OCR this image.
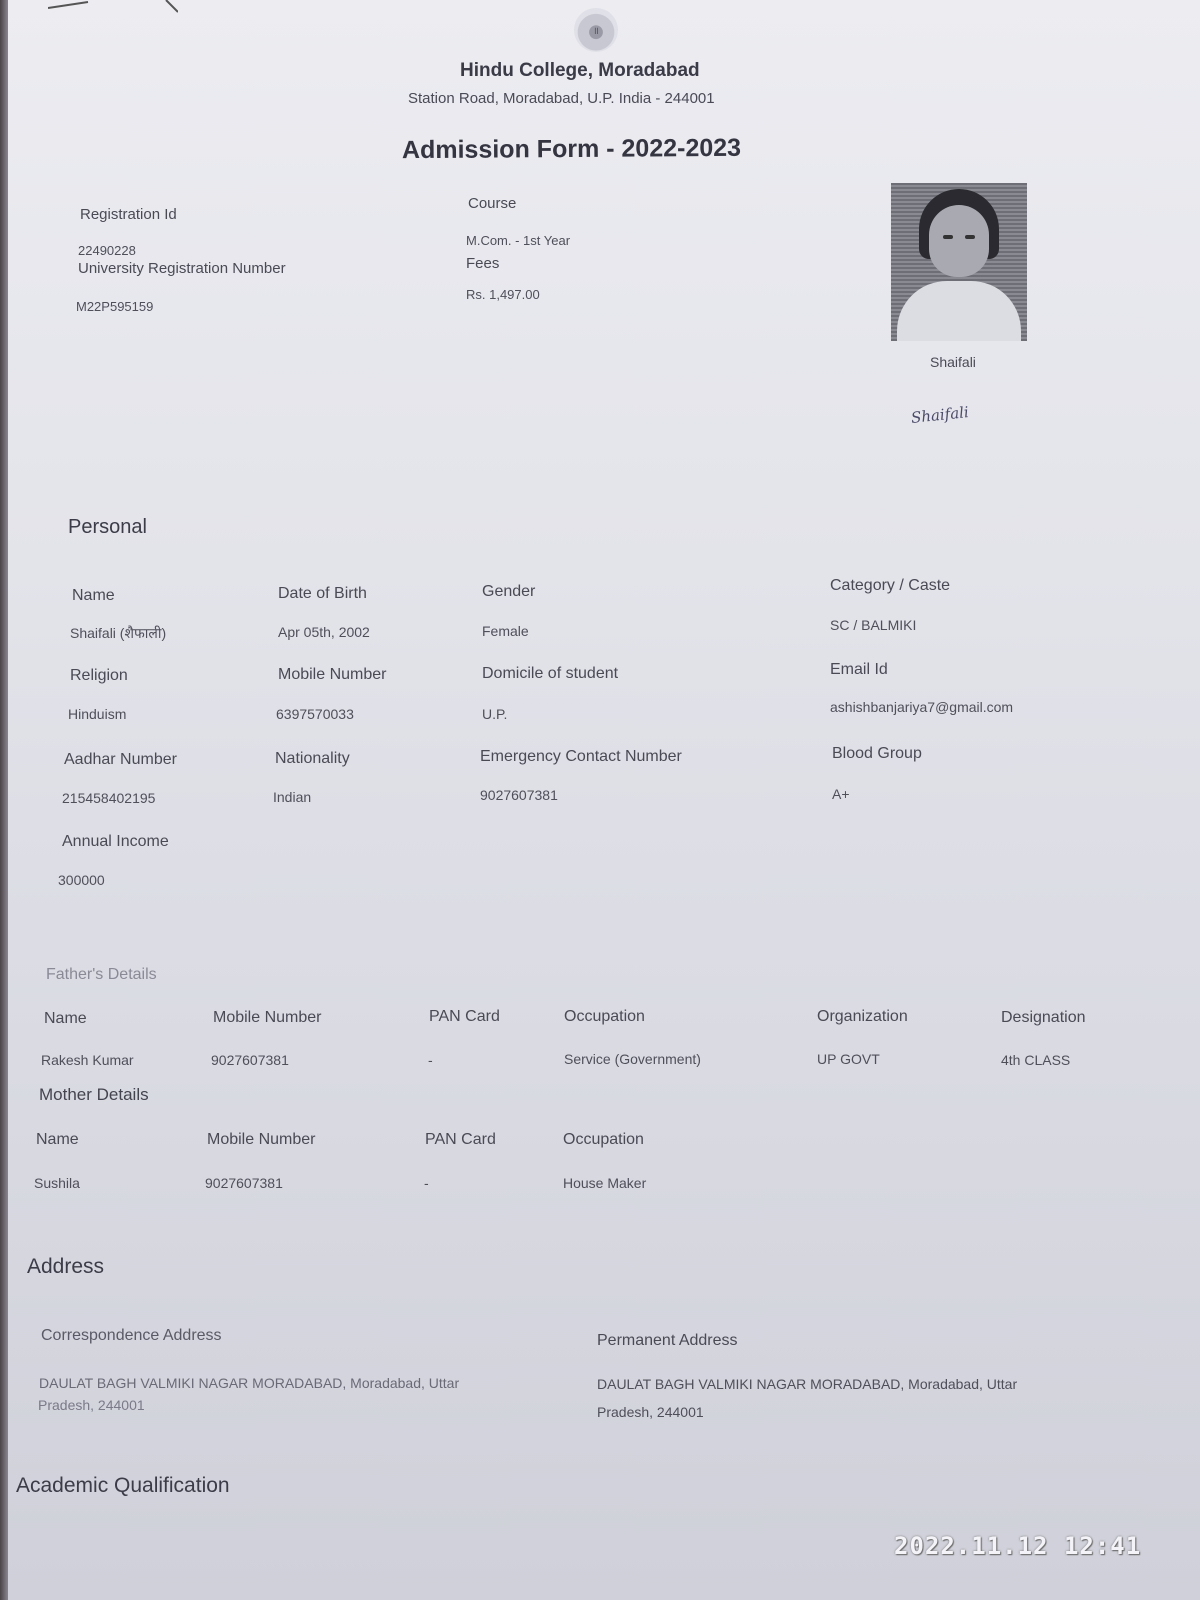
॥
Hindu College, Moradabad
Station Road, Moradabad, U.P. India - 244001
Admission Form - 2022-2023
Registration Id
22490228
University Registration Number
M22P595159
Course
M.Com. - 1st Year
Fees
Rs. 1,497.00
Shaifali
Shaifali
Personal
Name
Shaifali (शैफाली)
Date of Birth
Apr 05th, 2002
Gender
Female
Category / Caste
SC / BALMIKI
Religion
Hinduism
Mobile Number
6397570033
Domicile of student
U.P.
Email Id
ashishbanjariya7@gmail.com
Aadhar Number
215458402195
Nationality
Indian
Emergency Contact Number
9027607381
Blood Group
A+
Annual Income
300000
Father's Details
Name	Mobile Number	PAN Card	Occupation	Organization	Designation
Rakesh Kumar	9027607381	-	Service (Government)	UP GOVT	4th CLASS
Mother Details
Name	Mobile Number	PAN Card	Occupation
Sushila	9027607381	-	House Maker
Address
Correspondence Address
DAULAT BAGH VALMIKI NAGAR MORADABAD, Moradabad, Uttar
Pradesh, 244001
Permanent Address
DAULAT BAGH VALMIKI NAGAR MORADABAD, Moradabad, Uttar
Pradesh, 244001
Academic Qualification
2022.11.12 12:41
